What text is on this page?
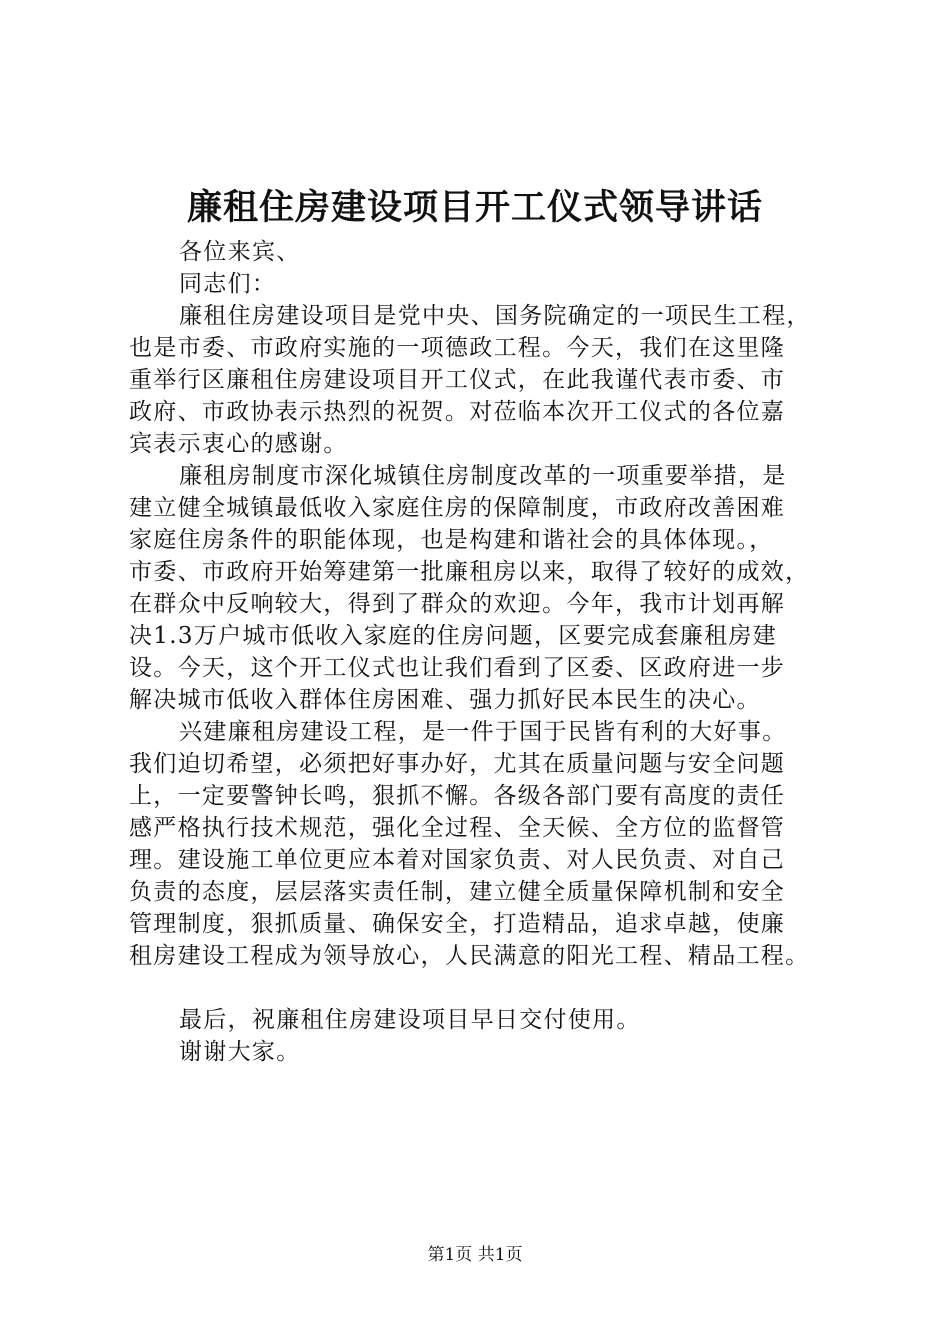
廉租住房建设项目开工仪式领导讲话
各位来宾、
同志们：
廉租住房建设项目是党中央、国务院确定的一项民生工程，
也是市委、市政府实施的一项德政工程。今天，我们在这里隆
重举行区廉租住房建设项目开工仪式，在此我谨代表市委、市
政府、市政协表示热烈的祝贺。对莅临本次开工仪式的各位嘉
宾表示衷心的感谢。
廉租房制度市深化城镇住房制度改革的一项重要举措，是
建立健全城镇最低收入家庭住房的保障制度，市政府改善困难
家庭住房条件的职能体现，也是构建和谐社会的具体体现。，
市委、市政府开始筹建第一批廉租房以来，取得了较好的成效，
在群众中反响较大，得到了群众的欢迎。今年，我市计划再解
决1.3万户城市低收入家庭的住房问题，区要完成套廉租房建
设。今天，这个开工仪式也让我们看到了区委、区政府进一步
解决城市低收入群体住房困难、强力抓好民本民生的决心。
兴建廉租房建设工程，是一件于国于民皆有利的大好事。
我们迫切希望，必须把好事办好，尤其在质量问题与安全问题
上，一定要警钟长鸣，狠抓不懈。各级各部门要有高度的责任
感严格执行技术规范，强化全过程、全天候、全方位的监督管
理。建设施工单位更应本着对国家负责、对人民负责、对自己
负责的态度，层层落实责任制，建立健全质量保障机制和安全
管理制度，狠抓质量、确保安全，打造精品，追求卓越，使廉
租房建设工程成为领导放心，人民满意的阳光工程、精品工程。
最后，祝廉租住房建设项目早日交付使用。
谢谢大家。
第1页 共1页
